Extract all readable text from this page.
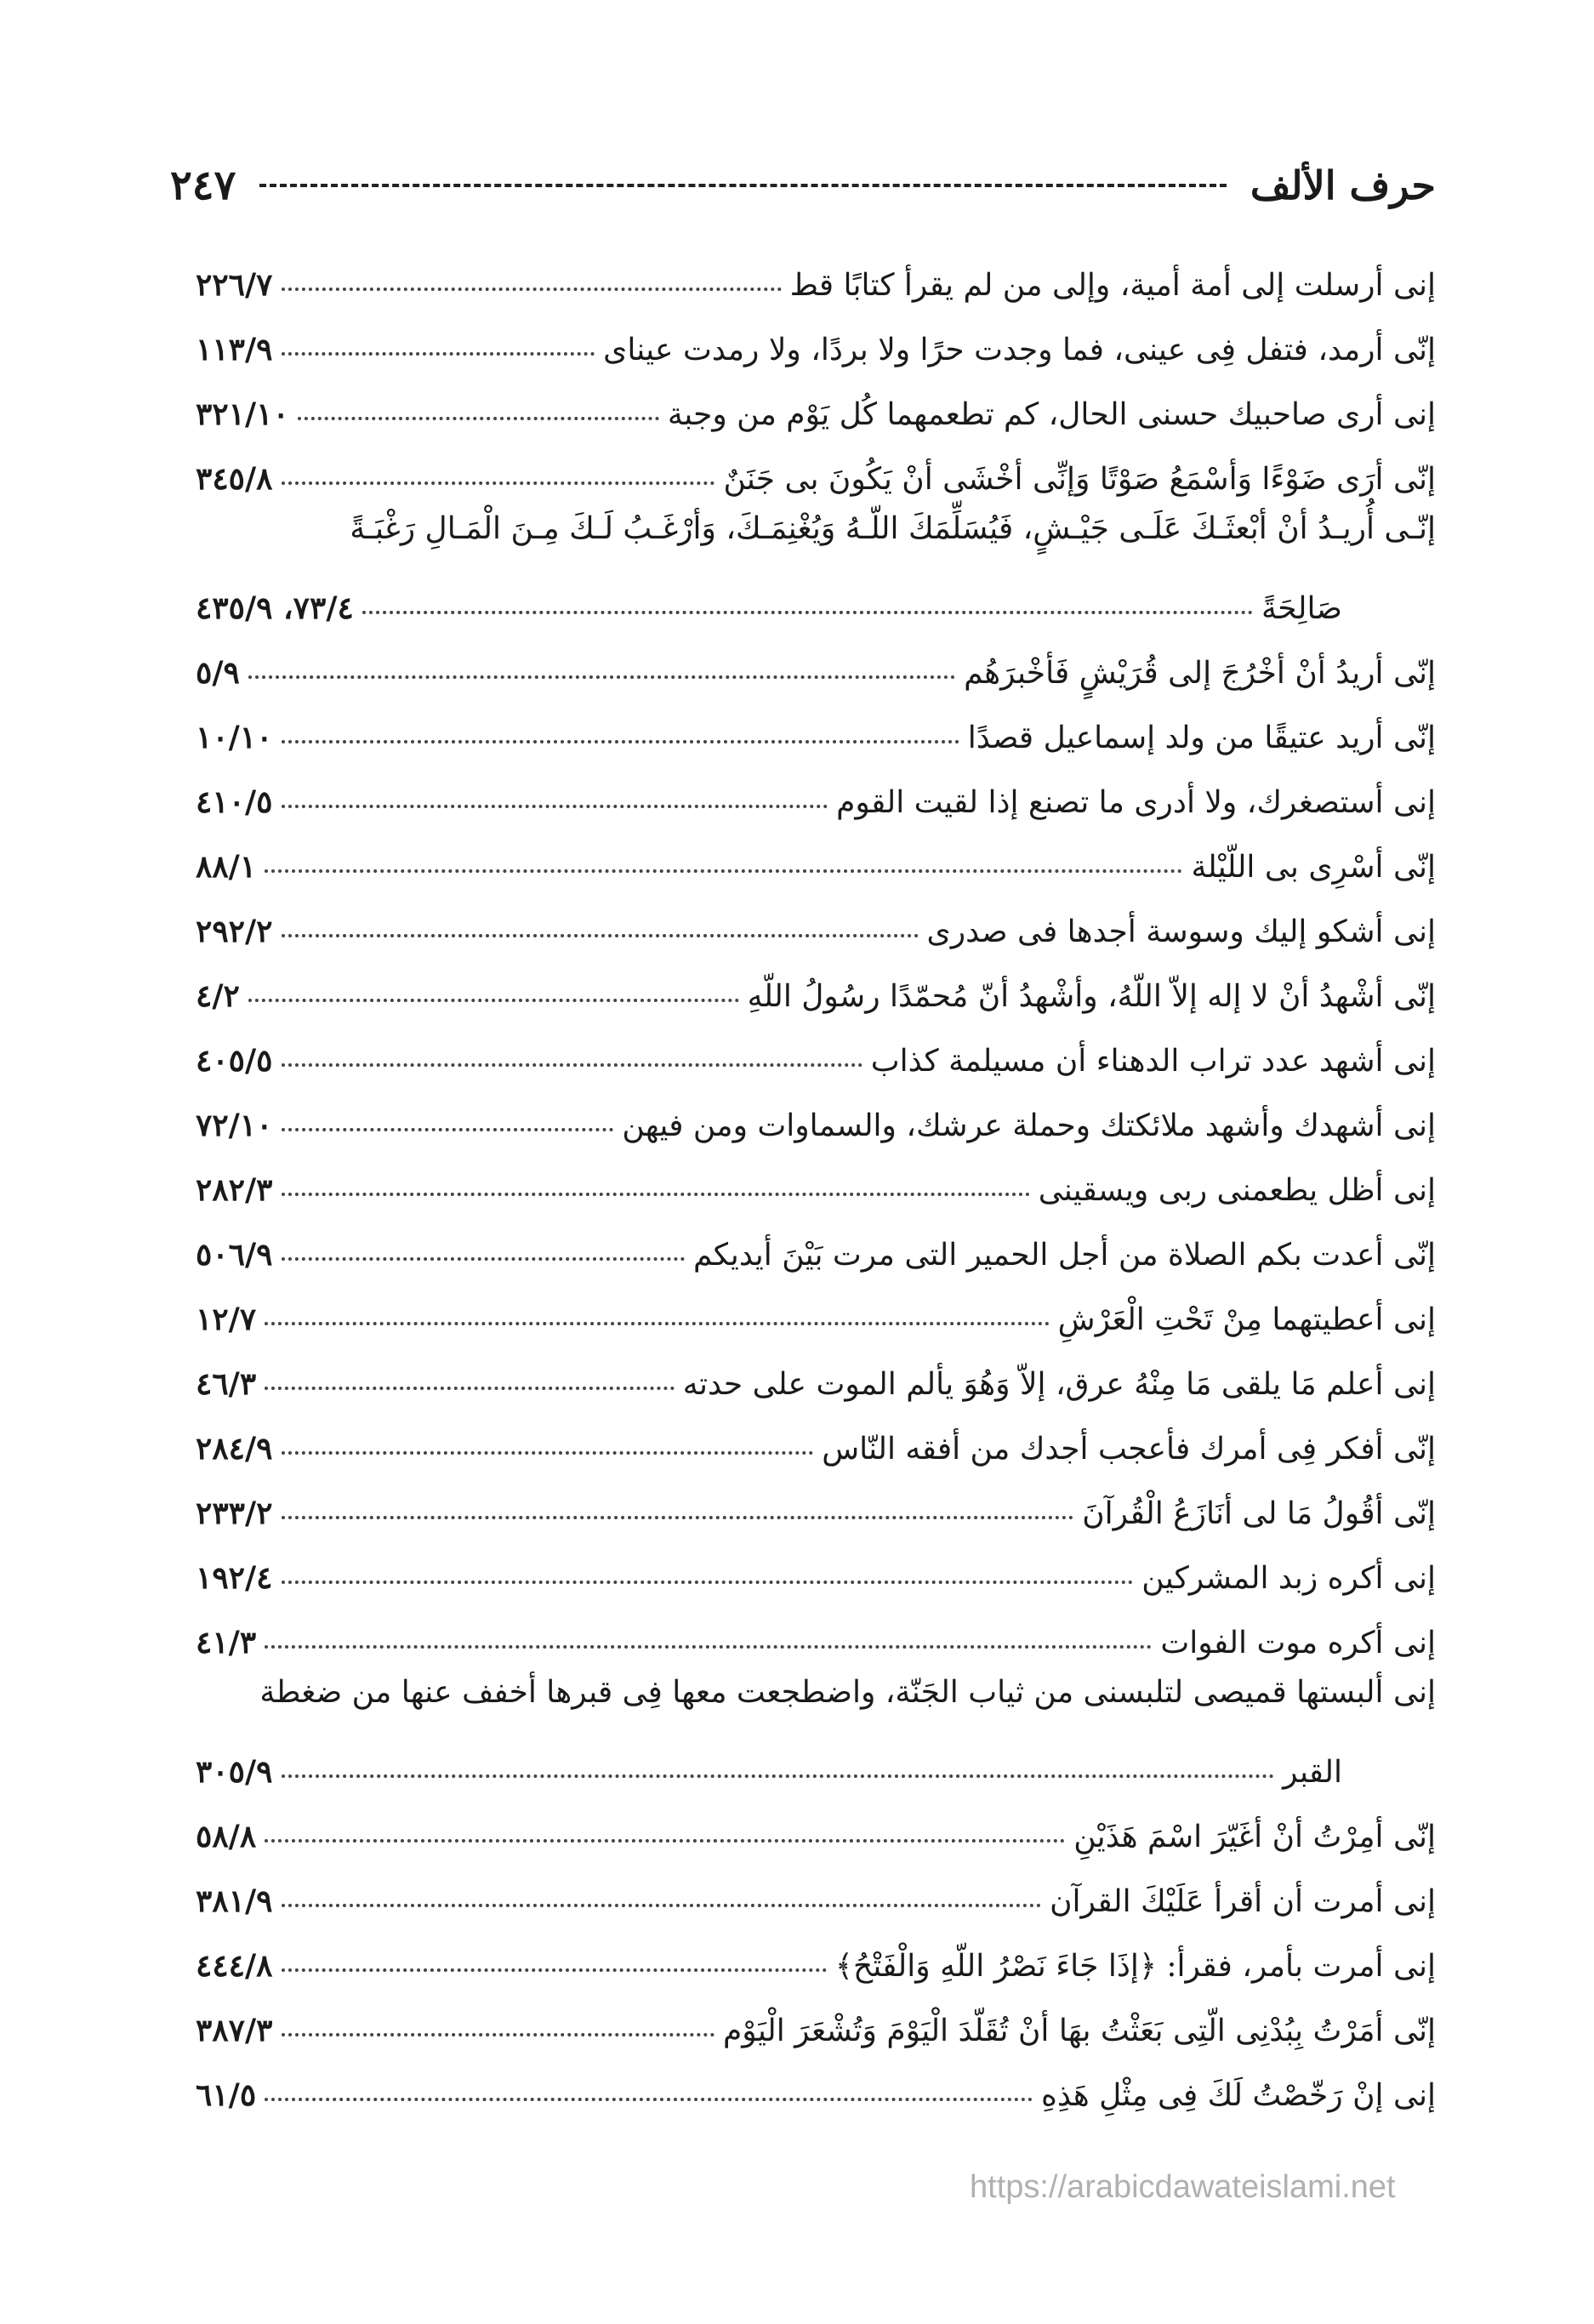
حرف الألف
٢٤٧
إنى أرسلت إلى أمة أمية، وإلى من لم يقرأ كتابًا قط
٢٢٦/٧
إنّى أرمد، فتفل فِى عينى، فما وجدت حرًا ولا بردًا، ولا رمدت عيناى
١١٣/٩
إنى أرى صاحبيك حسنى الحال، كم تطعمهما كُل يَوْم من وجبة
٣٢١/١٠
إنّى أرَى ضَوْءًا وَأسْمَعُ صَوْتًا وَإنِّى أخْشَى أنْ يَكُونَ بى جَنَنٌ
٣٤٥/٨
إنّـى أُريـدُ أنْ أبْعثَـكَ عَلَـى جَيْـشٍ، فَيُسَلِّمَكَ اللّـهُ وَيُغْنِمَـكَ، وَأرْغَـبُ لَـكَ مِـنَ الْمَـالِ رَغْبَـةً
صَالِحَةً
٧٣/٤، ٤٣٥/٩
إنّى أريدُ أنْ أخْرُجَ إلى قُرَيْشٍ فَأخْبرَهُم
٥/٩
إنّى أريد عتيقًا من ولد إسماعيل قصدًا
١٠/١٠
إنى أستصغرك، ولا أدرى ما تصنع إذا لقيت القوم
٤١٠/٥
إنّى أسْرِى بى اللّيْلة
٨٨/١
إنى أشكو إليك وسوسة أجدها فى صدرى
٢٩٢/٢
إنّى أشْهدُ أنْ لا إله إلاّ اللّهُ، وأشْهدُ أنّ مُحمّدًا رسُولُ اللّهِ
٤/٢
إنى أشهد عدد تراب الدهناء أن مسيلمة كذاب
٤٠٥/٥
إنى أشهدك وأشهد ملائكتك وحملة عرشك، والسماوات ومن فيهن
٧٢/١٠
إنى أظل يطعمنى ربى ويسقينى
٢٨٢/٣
إنّى أعدت بكم الصلاة من أجل الحمير التى مرت بَيْنَ أيديكم
٥٠٦/٩
إنى أعطيتهما مِنْ تَحْتِ الْعَرْشِ
١٢/٧
إنى أعلم مَا يلقى مَا مِنْهُ عرق، إلاّ وَهُوَ يألم الموت على حدته
٤٦/٣
إنّى أفكر فِى أمرك فأعجب أجدك من أفقه النّاس
٢٨٤/٩
إنّى أقُولُ مَا لى أنَازَعُ الْقُرآنَ
٢٣٣/٢
إنى أكره زبد المشركين
١٩٢/٤
إنى أكره موت الفوات
٤١/٣
إنى ألبستها قميصى لتلبسنى من ثياب الجَنّة، واضطجعت معها فِى قبرها أخفف عنها من ضغطة
القبر
٣٠٥/٩
إنّى أمِرْتُ أنْ أغَيّرَ اسْمَ هَذَيْنِ
٥٨/٨
إنى أمرت أن أقرأ عَلَيْكَ القرآن
٣٨١/٩
إنى أمرت بأمر، فقرأ: ﴿إذَا جَاءَ نَصْرُ اللّهِ وَالْفَتْحُ﴾
٤٤٤/٨
إنّى أمَرْتُ بِبُدْنِى الّتِى بَعَثْتُ بهَا أنْ تُقَلّدَ الْيَوْمَ وَتُشْعَرَ الْيَوْم
٣٨٧/٣
إنى إنْ رَخّصْتُ لَكَ فِى مِثْلِ هَذِهِ
٦١/٥
https://arabicdawateislami.net
